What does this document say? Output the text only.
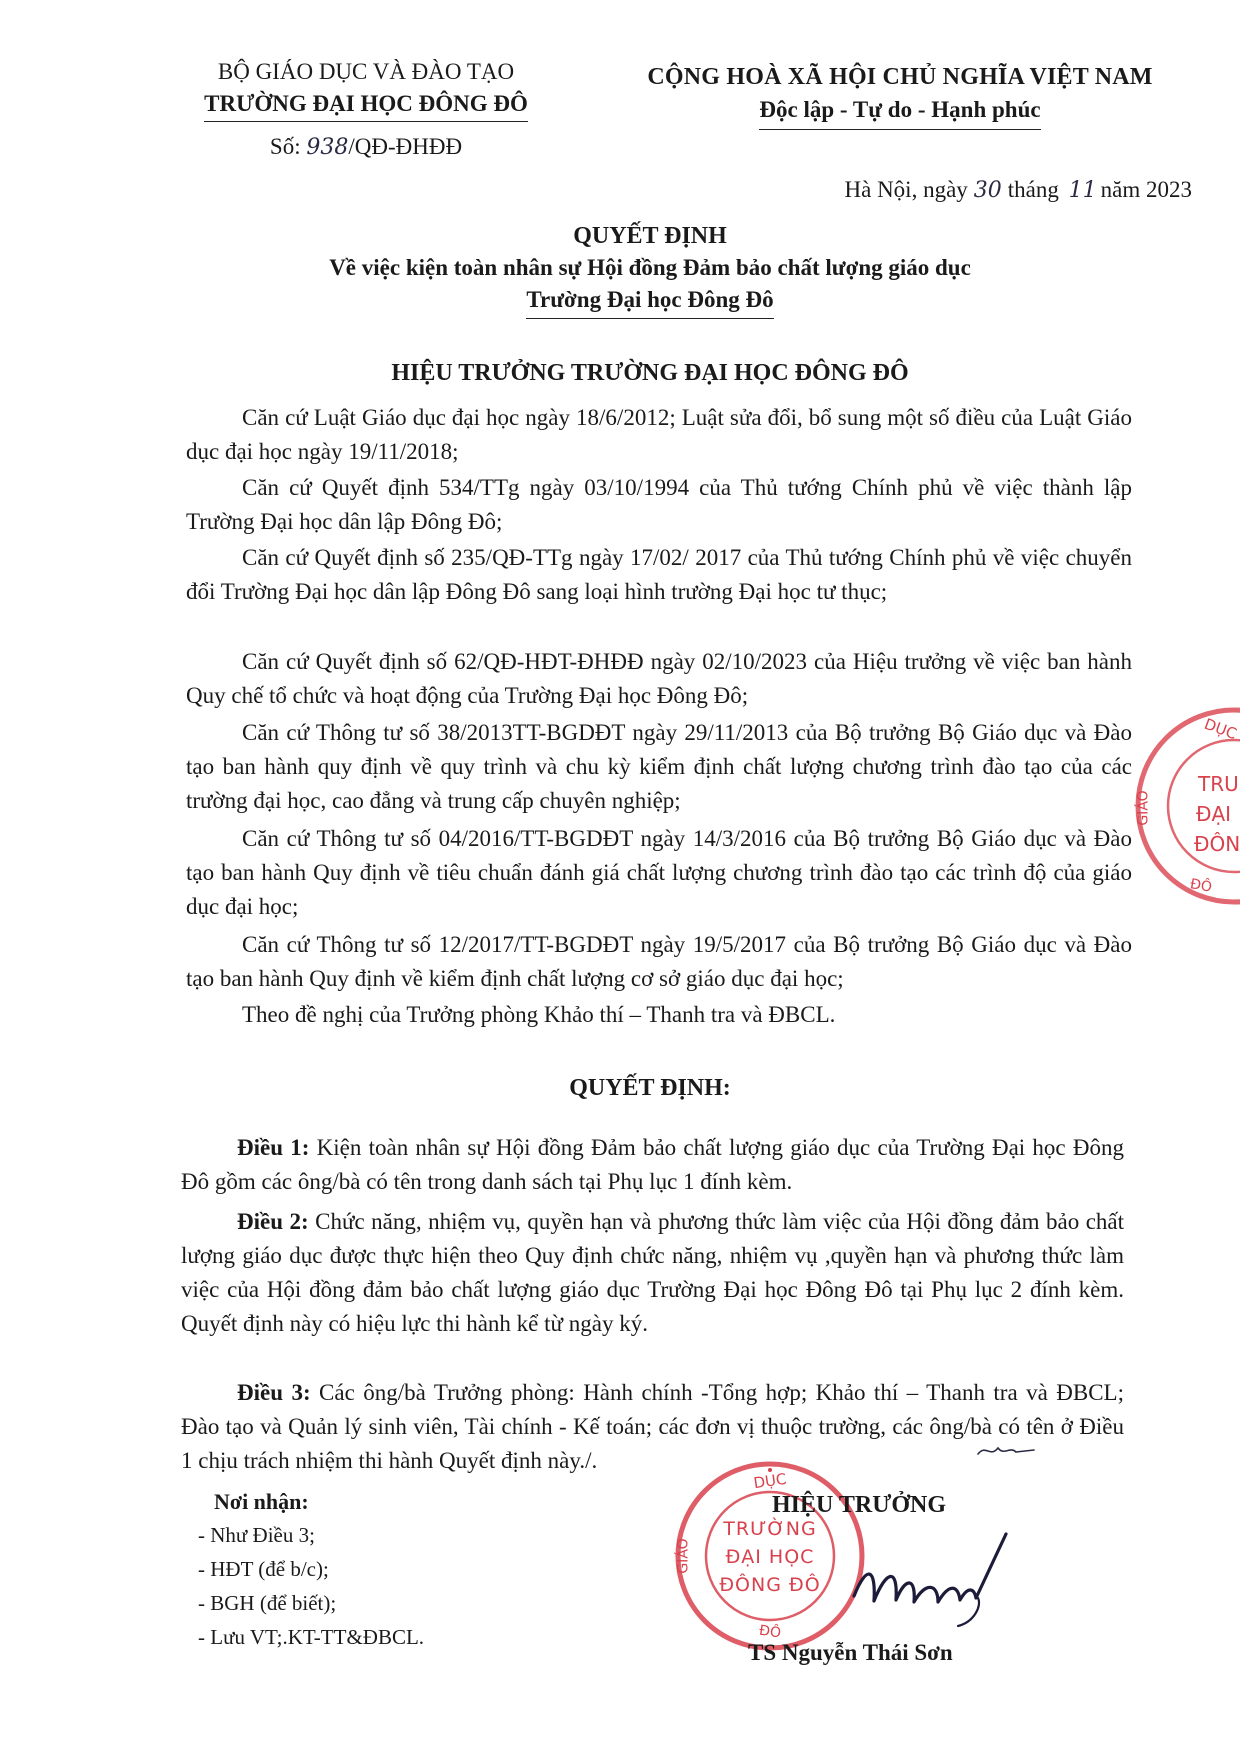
BỘ GIÁO DỤC VÀ ĐÀO TẠO
TRƯỜNG ĐẠI HỌC ĐÔNG ĐÔ
Số: 938/QĐ-ĐHĐĐ
CỘNG HOÀ XÃ HỘI CHỦ NGHĨA VIỆT NAM
Độc lập - Tự do - Hạnh phúc
Hà Nội, ngày 30 tháng 11 năm 2023
QUYẾT ĐỊNH
Về việc kiện toàn nhân sự Hội đồng Đảm bảo chất lượng giáo dục
Trường Đại học Đông Đô
HIỆU TRƯỞNG TRƯỜNG ĐẠI HỌC ĐÔNG ĐÔ

Căn cứ Luật Giáo dục đại học ngày 18/6/2012; Luật sửa đổi, bổ sung một số điều của Luật Giáo dục đại học ngày 19/11/2018;

Căn cứ Quyết định 534/TTg ngày 03/10/1994 của Thủ tướng Chính phủ về việc thành lập Trường Đại học dân lập Đông Đô;

Căn cứ Quyết định số 235/QĐ-TTg ngày 17/02/ 2017 của Thủ tướng Chính phủ về việc chuyển đổi Trường Đại học dân lập Đông Đô sang loại hình trường Đại học tư thục;

Căn cứ Quyết định số 62/QĐ-HĐT-ĐHĐĐ ngày 02/10/2023 của Hiệu trưởng về việc ban hành Quy chế tổ chức và hoạt động của Trường Đại học Đông Đô;

Căn cứ Thông tư số 38/2013TT-BGDĐT ngày 29/11/2013 của Bộ trưởng Bộ Giáo dục và Đào tạo ban hành quy định về quy trình và chu kỳ kiểm định chất lượng chương trình đào tạo của các trường đại học, cao đẳng và trung cấp chuyên nghiệp;

Căn cứ Thông tư số 04/2016/TT-BGDĐT ngày 14/3/2016 của Bộ trưởng Bộ Giáo dục và Đào tạo ban hành Quy định về tiêu chuẩn đánh giá chất lượng chương trình đào tạo các trình độ của giáo dục đại học;

Căn cứ Thông tư số 12/2017/TT-BGDĐT ngày 19/5/2017 của Bộ trưởng Bộ Giáo dục và Đào tạo ban hành Quy định về kiểm định chất lượng cơ sở giáo dục đại học;

Theo đề nghị của Trưởng phòng Khảo thí – Thanh tra và ĐBCL.

QUYẾT ĐỊNH:

Điều 1: Kiện toàn nhân sự Hội đồng Đảm bảo chất lượng giáo dục của Trường Đại học Đông Đô gồm các ông/bà có tên trong danh sách tại Phụ lục 1 đính kèm.

Điều 2: Chức năng, nhiệm vụ, quyền hạn và phương thức làm việc của Hội đồng đảm bảo chất lượng giáo dục được thực hiện theo Quy định chức năng, nhiệm vụ ,quyền hạn và phương thức làm việc của Hội đồng đảm bảo chất lượng giáo dục Trường Đại học Đông Đô tại Phụ lục 2 đính kèm. Quyết định này có hiệu lực thi hành kể từ ngày ký.

Điều 3: Các ông/bà Trưởng phòng: Hành chính -Tổng hợp; Khảo thí – Thanh tra và ĐBCL; Đào tạo và Quản lý sinh viên, Tài chính - Kế toán; các đơn vị thuộc trường, các ông/bà có tên ở Điều 1 chịu trách nhiệm thi hành Quyết định này./.

Nơi nhận:
- Như Điều 3;
- HĐT (để b/c);
- BGH (để biết);
- Lưu VT;.KT-TT&ĐBCL.
DỤC
GIÁO
ĐÔ
TRƯỜNG
ĐẠI HỌC
ĐÔNG ĐÔ
HIỆU TRƯỞNG
TS Nguyễn Thái Sơn
DỤC
GIÁO
ĐÔ
TRU
ĐẠI
ĐÔN
